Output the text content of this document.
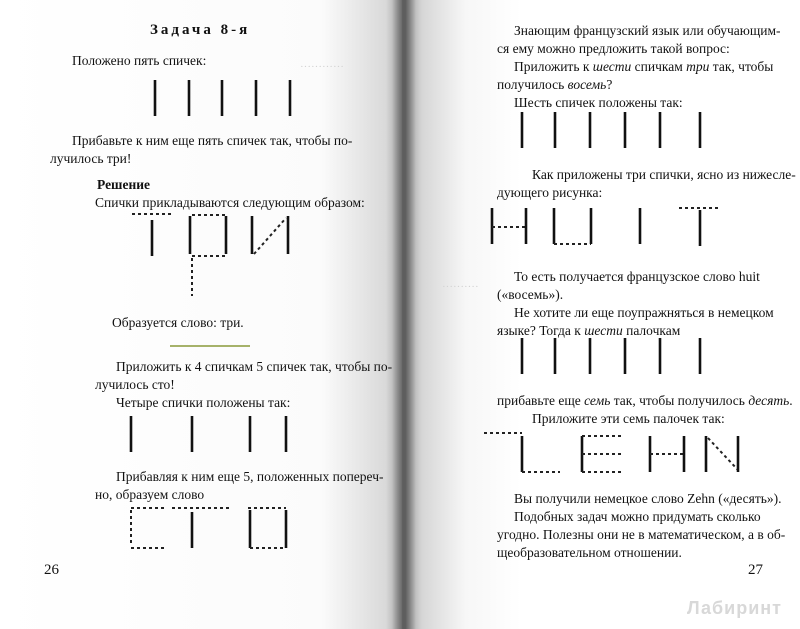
············
Задача 8-я
Положено пять спичек:
Прибавьте к ним еще пять спичек так, чтобы по-
лучилось три!
Решение
Спички прикладываются следующим образом:
Образуется слово: три.
Приложить к 4 спичкам 5 спичек так, чтобы по-
лучилось сто!
Четыре спички положены так:
Прибавляя к ним еще 5, положенных попереч-
но, образуем слово
26
··········
Знающим французский язык или обучающим-
ся ему можно предложить такой вопрос:
Приложить к шести спичкам три так, чтобы
получилось восемь?
Шесть спичек положены так:
Как приложены три спички, ясно из нижесле-
дующего рисунка:
То есть получается французское слово huit
(«восемь»).
Не хотите ли еще поупражняться в немецком
языке? Тогда к шести палочкам
прибавьте еще семь так, чтобы получилось десять.
Приложите эти семь палочек так:
Вы получили немецкое слово Zehn («десять»).
Подобных задач можно придумать сколько
угодно. Полезны они не в математическом, а в об-
щеобразовательном отношении.
27
Лабиринт
